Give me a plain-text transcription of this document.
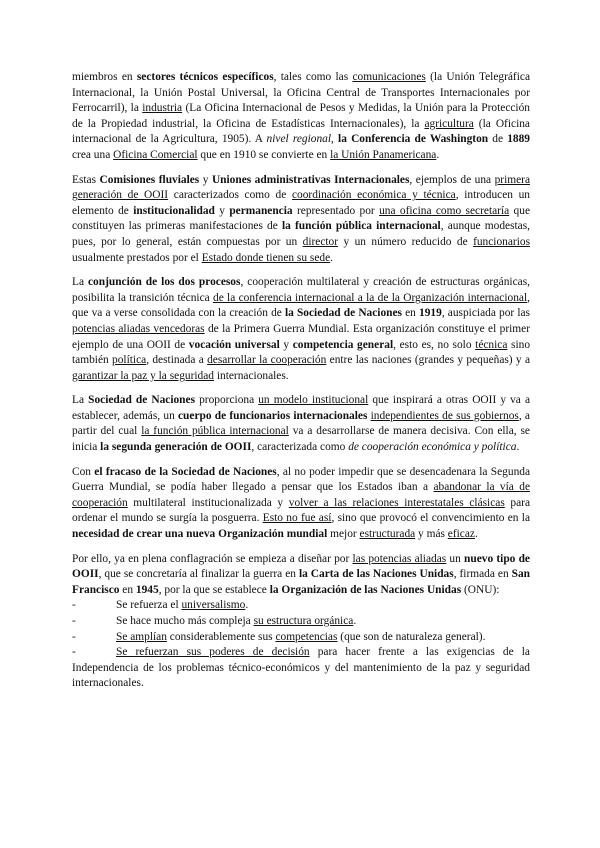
miembros en sectores técnicos específicos, tales como las comunicaciones (la Unión Telegráfica Internacional, la Unión Postal Universal, la Oficina Central de Transportes Internacionales por Ferrocarril), la industria (La Oficina Internacional de Pesos y Medidas, la Unión para la Protección de la Propiedad industrial, la Oficina de Estadísticas Internacionales), la agricultura (la Oficina internacional de la Agricultura, 1905). A nivel regional, la Conferencia de Washington de 1889 crea una Oficina Comercial que en 1910 se convierte en la Unión Panamericana.

Estas Comisiones fluviales y Uniones administrativas Internacionales, ejemplos de una primera generación de OOII caracterizados como de coordinación económica y técnica, introducen un elemento de institucionalidad y permanencia representado por una oficina como secretaría que constituyen las primeras manifestaciones de la función pública internacional, aunque modestas, pues, por lo general, están compuestas por un director y un número reducido de funcionarios usualmente prestados por el Estado donde tienen su sede.

La conjunción de los dos procesos, cooperación multilateral y creación de estructuras orgánicas, posibilita la transición técnica de la conferencia internacional a la de la Organización internacional, que va a verse consolidada con la creación de la Sociedad de Naciones en 1919, auspiciada por las potencias aliadas vencedoras de la Primera Guerra Mundial. Esta organización constituye el primer ejemplo de una OOII de vocación universal y competencia general, esto es, no solo técnica sino también política, destinada a desarrollar la cooperación entre las naciones (grandes y pequeñas) y a garantizar la paz y la seguridad internacionales.

La Sociedad de Naciones proporciona un modelo institucional que inspirará a otras OOII y va a establecer, además, un cuerpo de funcionarios internacionales independientes de sus gobiernos, a partir del cual la función pública internacional va a desarrollarse de manera decisiva. Con ella, se inicia la segunda generación de OOII, caracterizada como de cooperación económica y política.

Con el fracaso de la Sociedad de Naciones, al no poder impedir que se desencadenara la Segunda Guerra Mundial, se podía haber llegado a pensar que los Estados iban a abandonar la vía de cooperación multilateral institucionalizada y volver a las relaciones interestatales clásicas para ordenar el mundo se surgía la posguerra. Esto no fue así, sino que provocó el convencimiento en la necesidad de crear una nueva Organización mundial mejor estructurada y más eficaz.

Por ello, ya en plena conflagración se empieza a diseñar por las potencias aliadas un nuevo tipo de OOII, que se concretaría al finalizar la guerra en la Carta de las Naciones Unidas, firmada en San Francisco en 1945, por la que se establece la Organización de las Naciones Unidas (ONU):

-	Se refuerza el universalismo.
-	Se hace mucho más compleja su estructura orgánica.
-	Se amplían considerablemente sus competencias (que son de naturaleza general).
-	Se refuerzan sus poderes de decisión para hacer frente a las exigencias de la Independencia de los problemas técnico-económicos y del mantenimiento de la paz y seguridad internacionales.
